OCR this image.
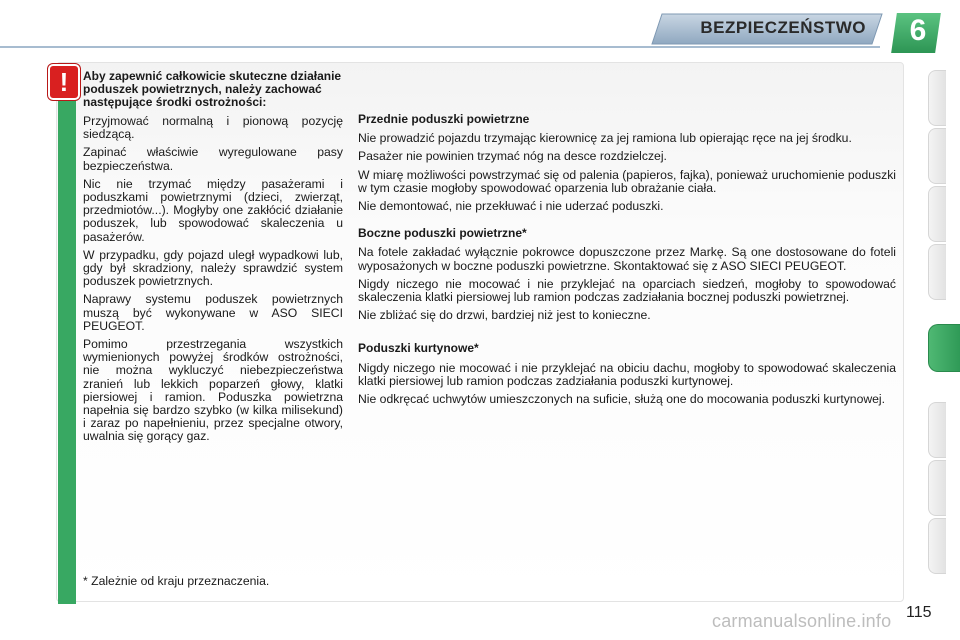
BEZPIECZEŃSTWO	6
!	Aby zapewnić całkowicie skuteczne działanie poduszek powietrznych, należy zachować następujące środki ostrożności:

Przyjmować normalną i pionową pozycję siedzącą.

Zapinać właściwie wyregulowane pasy bezpieczeństwa.

Nic nie trzymać między pasażerami i poduszkami powietrznymi (dzieci, zwierząt, przedmiotów...). Mogłyby one zakłócić działanie poduszek, lub spowodować skaleczenia u pasażerów.

W przypadku, gdy pojazd uległ wypadkowi lub, gdy był skradziony, należy sprawdzić system poduszek powietrznych.

Naprawy systemu poduszek powietrznych muszą być wykonywane w ASO SIECI PEUGEOT.

Pomimo przestrzegania wszystkich wymienionych powyżej środków ostrożności, nie można wykluczyć niebezpieczeństwa zranień lub lekkich poparzeń głowy, klatki piersiowej i ramion. Poduszka powietrzna napełnia się bardzo szybko (w kilka milisekund) i zaraz po napełnieniu, przez specjalne otwory, uwalnia się gorący gaz.

Przednie poduszki powietrzne

Nie prowadzić pojazdu trzymając kierownicę za jej ramiona lub opierając ręce na jej środku.

Pasażer nie powinien trzymać nóg na desce rozdzielczej.

W miarę możliwości powstrzymać się od palenia (papieros, fajka), ponieważ uruchomienie poduszki w tym czasie mogłoby spowodować oparzenia lub obrażanie ciała.

Nie demontować, nie przekłuwać i nie uderzać poduszki.

Boczne poduszki powietrzne*

Na fotele zakładać wyłącznie pokrowce dopuszczone przez Markę. Są one dostosowane do foteli wyposażonych w boczne poduszki powietrzne. Skontaktować się z ASO SIECI PEUGEOT.

Nigdy niczego nie mocować i nie przyklejać na oparciach siedzeń, mogłoby to spowodować skaleczenia klatki piersiowej lub ramion podczas zadziałania bocznej poduszki powietrznej.

Nie zbliżać się do drzwi, bardziej niż jest to konieczne.

Poduszki kurtynowe*

Nigdy niczego nie mocować i nie przyklejać na obiciu dachu, mogłoby to spowodować skaleczenia klatki piersiowej lub ramion podczas zadziałania poduszki kurtynowej.

Nie odkręcać uchwytów umieszczonych na suficie, służą one do mocowania poduszki kurtynowej.

* Zależnie od kraju przeznaczenia.
carmanualsonline.info 115
